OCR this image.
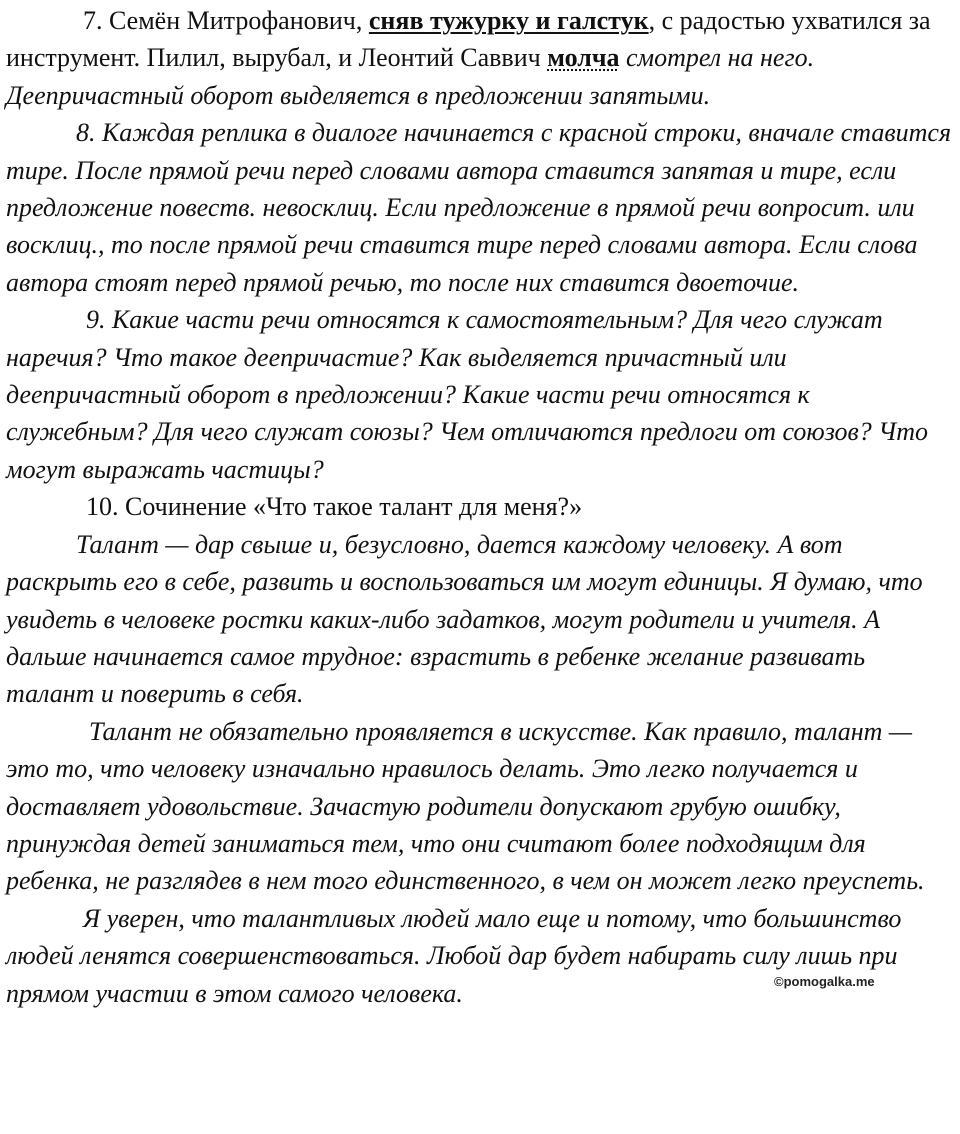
7. Семён Митрофанович, сняв тужурку и галстук, с радостью ухватился за инструмент. Пилил, вырубал, и Леонтий Саввич молча смотрел на него. Деепричастный оборот выделяется в предложении запятыми.

8. Каждая реплика в диалоге начинается с красной строки, вначале ставится тире. После прямой речи перед словами автора ставится запятая и тире, если предложение повеств. невосклиц. Если предложение в прямой речи вопросит. или восклиц., то после прямой речи ставится тире перед словами автора. Если слова автора стоят перед прямой речью, то после них ставится двоеточие.

9. Какие части речи относятся к самостоятельным? Для чего служат наречия? Что такое деепричастие? Как выделяется причастный или деепричастный оборот в предложении? Какие части речи относятся к служебным? Для чего служат союзы? Чем отличаются предлоги от союзов? Что могут выражать частицы?

10. Сочинение «Что такое талант для меня?»

Талант — дар свыше и, безусловно, дается каждому человеку. А вот раскрыть его в себе, развить и воспользоваться им могут единицы. Я думаю, что увидеть в человеке ростки каких-либо задатков, могут родители и учителя. А дальше начинается самое трудное: взрастить в ребенке желание развивать талант и поверить в себя.

Талант не обязательно проявляется в искусстве. Как правило, талант — это то, что человеку изначально нравилось делать. Это легко получается и доставляет удовольствие. Зачастую родители допускают грубую ошибку, принуждая детей заниматься тем, что они считают более подходящим для ребенка, не разглядев в нем того единственного, в чем он может легко преуспеть.

Я уверен, что талантливых людей мало еще и потому, что большинство людей ленятся совершенствоваться. Любой дар будет набирать силу лишь при прямом участии в этом самого человека.	©pomogalka.me
